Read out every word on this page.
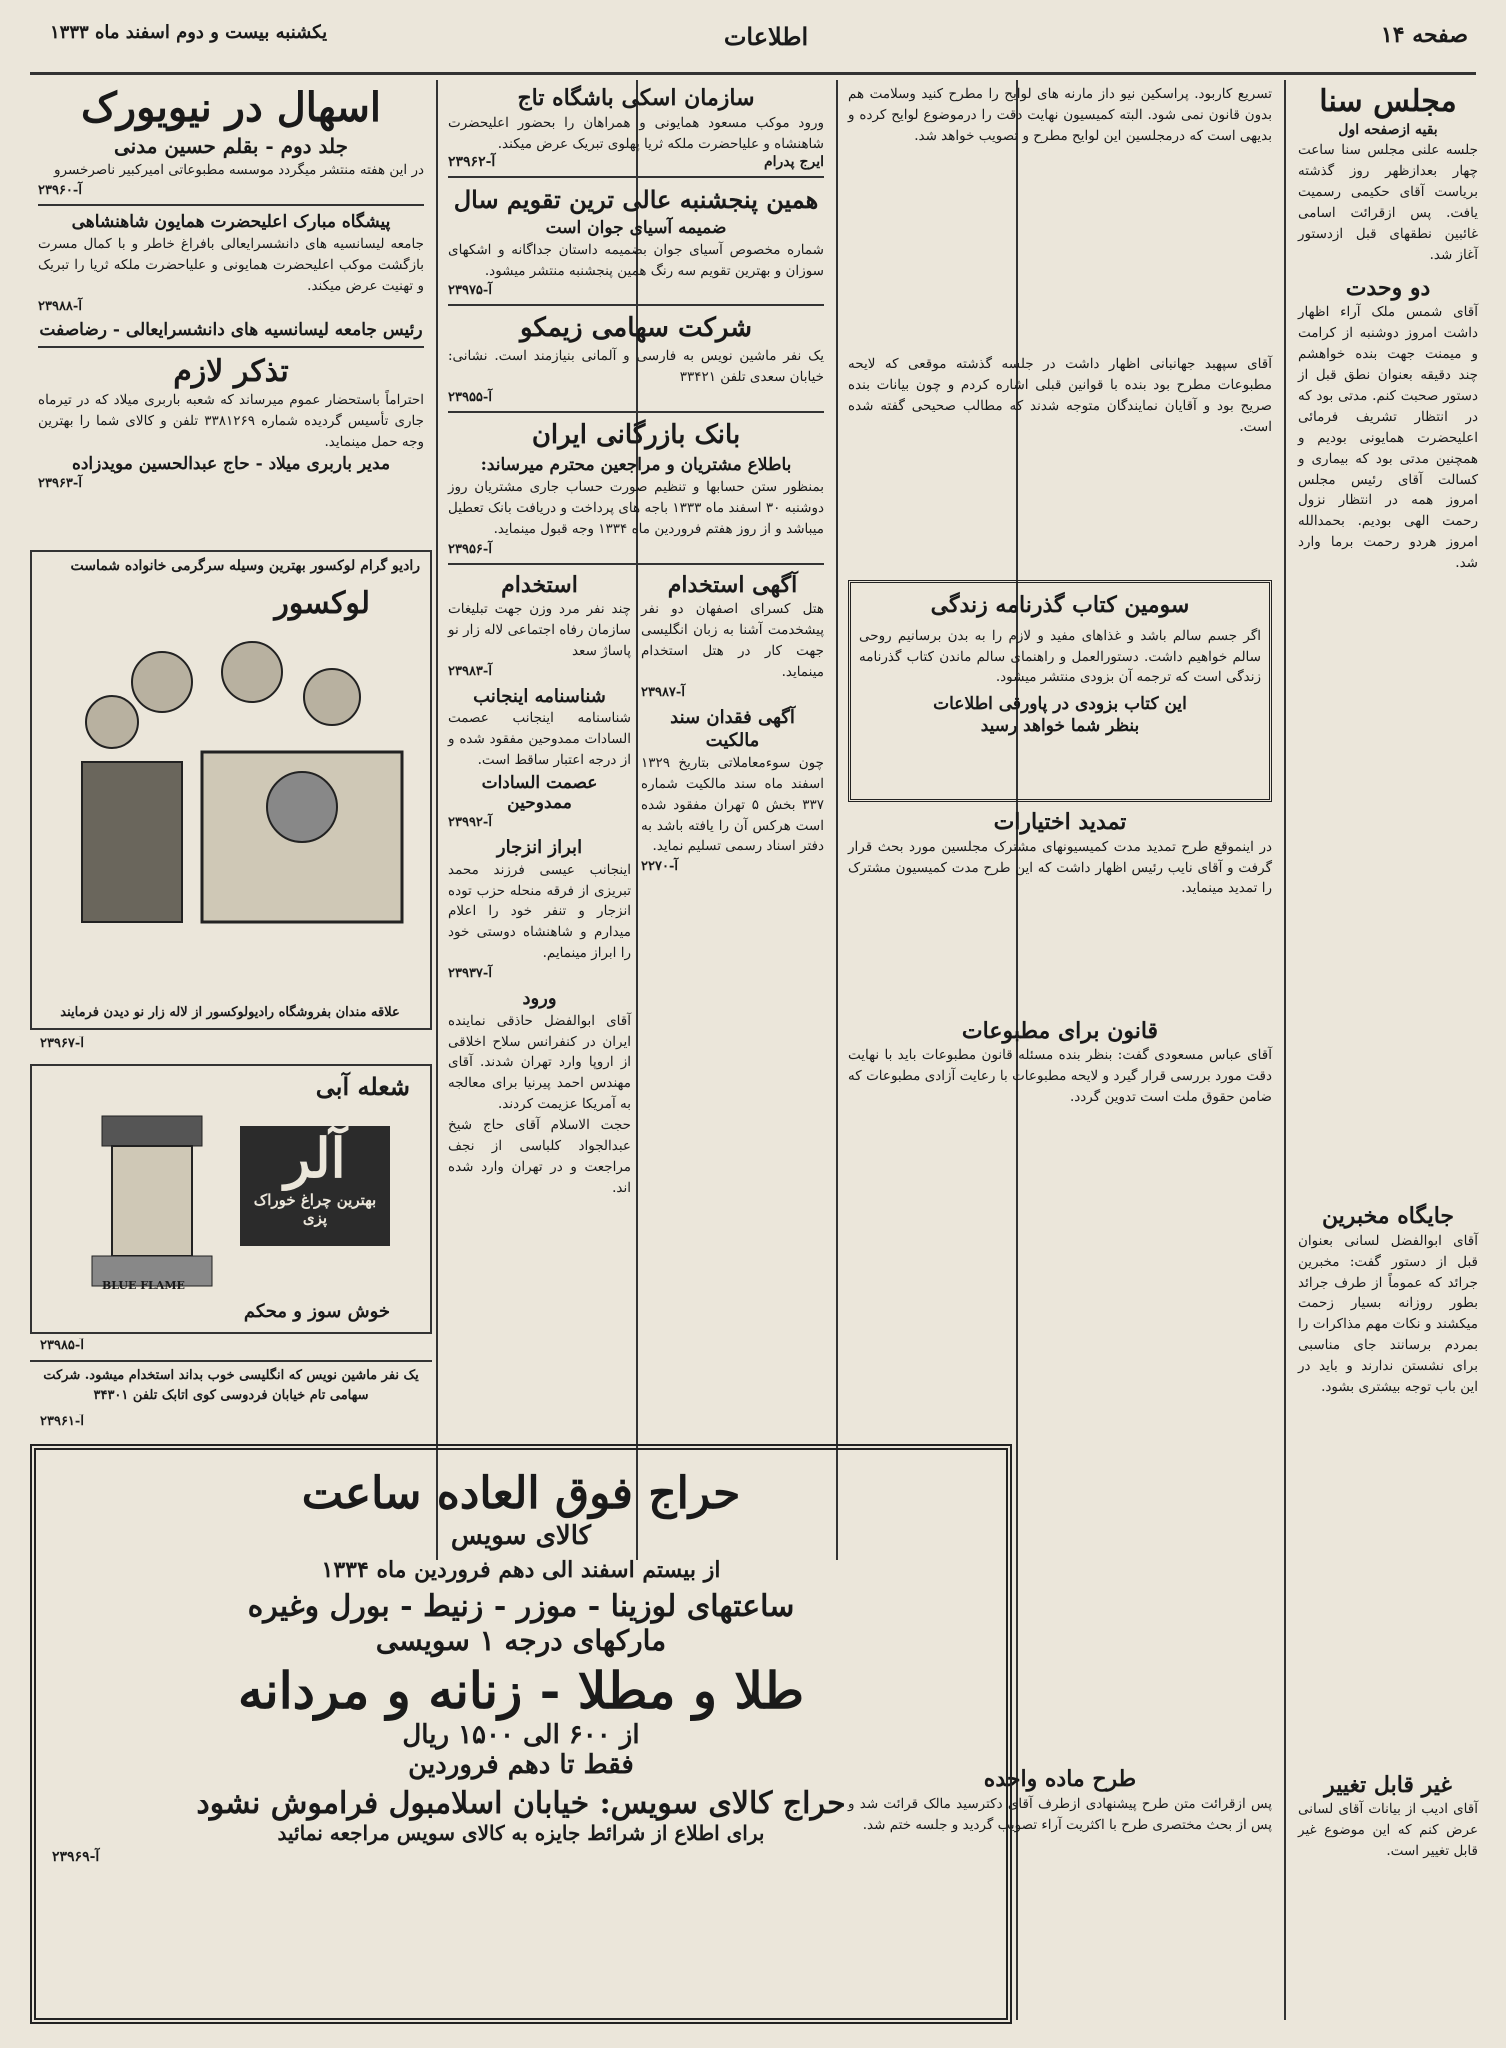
صفحه ۱۴
اطلاعات
یکشنبه بیست و دوم اسفند ماه ۱۳۳۳
مجلس سنا
بقیه ازصفحه اول
جلسه علنی مجلس سنا ساعت چهار بعدازظهر روز گذشته بریاست آقای حکیمی رسمیت یافت. پس ازقرائت اسامی غائبین نطقهای قبل ازدستور آغاز شد.
دو وحدت
آقای شمس ملک آراء اظهار داشت امروز دوشنبه از کرامت و میمنت جهت بنده خواهشم چند دقیقه بعنوان نطق قبل از دستور صحبت کنم. مدتی بود که در انتظار تشریف فرمائی اعلیحضرت همایونی بودیم و همچنین مدتی بود که بیماری و کسالت آقای رئیس مجلس امروز همه در انتظار نزول رحمت الهی بودیم. بحمدالله امروز هردو رحمت برما وارد شد.
جایگاه مخبرین
آقای ابوالفضل لسانی بعنوان قبل از دستور گفت: مخبرین جرائد که عموماً از طرف جرائد بطور روزانه بسیار زحمت میکشند و نکات مهم مذاکرات را بمردم برسانند جای مناسبی برای نشستن ندارند و باید در این باب توجه بیشتری بشود.
غیر قابل تغییر
آقای ادیب از بیانات آقای لسانی عرض کنم که این موضوع غیر قابل تغییر است.
تسریع کاربود. پراسکین نیو داز مارنه های لوایح را مطرح کنید وسلامت هم بدون قانون نمی شود. البته کمیسیون نهایت دقت را درموضوع لوایح کرده و بدیهی است که درمجلسین این لوایح مطرح و تصویب خواهد شد.
آقای سپهبد جهانبانی اظهار داشت در جلسه گذشته موقعی که لایحه مطبوعات مطرح بود بنده با قوانین قبلی اشاره کردم و چون بیانات بنده صریح بود و آقایان نمایندگان متوجه شدند که مطالب صحیحی گفته شده است.
سومین کتاب گذرنامه زندگی
اگر جسم سالم باشد و غذاهای مفید و لازم را به بدن برسانیم روحی سالم خواهیم داشت. دستورالعمل و راهنمای سالم ماندن کتاب گذرنامه زندگی است که ترجمه آن بزودی منتشر میشود.
این کتاب بزودی در پاورقی اطلاعات
بنظر شما خواهد رسید
تمدید اختیارات
در اینموقع طرح تمدید مدت کمیسیونهای مشترک مجلسین مورد بحث قرار گرفت و آقای نایب رئیس اظهار داشت که این طرح مدت کمیسیون مشترک را تمدید مینماید.
قانون برای مطبوعات
آقای عباس مسعودی گفت: بنظر بنده مسئله قانون مطبوعات باید با نهایت دقت مورد بررسی قرار گیرد و لایحه مطبوعات با رعایت آزادی مطبوعات که ضامن حقوق ملت است تدوین گردد.
طرح ماده واحده
پس ازقرائت متن طرح پیشنهادی ازطرف آقای دکترسید مالک قرائت شد و پس از بحث مختصری طرح با اکثریت آراء تصویب گردید و جلسه ختم شد.
سازمان اسکی باشگاه تاج
ورود موکب مسعود همایونی و همراهان را بحضور اعلیحضرت شاهنشاه و علیاحضرت ملکه ثریا پهلوی تبریک عرض میکند.
ایرج پدرام
آ-۲۳۹۶۲
همین پنجشنبه عالی ترین تقویم سال
ضمیمه آسیای جوان است
شماره مخصوص آسیای جوان بضمیمه داستان جداگانه و اشکهای سوزان و بهترین تقویم سه رنگ همین پنجشنبه منتشر میشود.
آ-۲۳۹۷۵
شرکت سهامی زیمکو
یک نفر ماشین نویس به فارسی و آلمانی بنیازمند است. نشانی: خیابان سعدی تلفن ۳۳۴۲۱
آ-۲۳۹۵۵
بانک بازرگانی ایران
باطلاع مشتریان و مراجعین محترم میرساند:
بمنظور ستن حسابها و تنظیم صورت حساب جاری مشتریان روز دوشنبه ۳۰ اسفند ماه ۱۳۳۳ باجه های پرداخت و دریافت بانک تعطیل میباشد و از روز هفتم فروردین ماه ۱۳۳۴ وجه قبول مینماید.
آ-۲۳۹۵۶
آگهی استخدام
هتل کسرای اصفهان دو نفر پیشخدمت آشنا به زبان انگلیسی جهت کار در هتل استخدام مینماید.
آ-۲۳۹۸۷
آگهی فقدان سند مالکیت
چون سوءمعاملاتی بتاریخ ۱۳۲۹ اسفند ماه سند مالکیت شماره ۳۳۷ بخش ۵ تهران مفقود شده است هرکس آن را یافته باشد به دفتر اسناد رسمی تسلیم نماید.
آ-۲۲۷۰
استخدام
چند نفر مرد وزن جهت تبلیغات سازمان رفاه اجتماعی لاله زار نو پاساژ سعد
آ-۲۳۹۸۳
شناسنامه اینجانب
شناسنامه اینجانب عصمت السادات ممدوحین مفقود شده و از درجه اعتبار ساقط است.
عصمت السادات ممدوحین
آ-۲۳۹۹۲
ابراز انزجار
اینجانب عیسی فرزند محمد تبریزی از فرقه منحله حزب توده انزجار و تنفر خود را اعلام میدارم و شاهنشاه دوستی خود را ابراز مینمایم.
آ-۲۳۹۳۷
ورود
آقای ابوالفضل حاذقی نماینده ایران در کنفرانس سلاح اخلاقی از اروپا وارد تهران شدند. آقای مهندس احمد پیرنیا برای معالجه به آمریکا عزیمت کردند.
حجت الاسلام آقای حاج شیخ عبدالجواد کلباسی از نجف مراجعت و در تهران وارد شده اند.
اسهال در نیویورک
جلد دوم - بقلم حسین مدنی
در این هفته منتشر میگردد موسسه مطبوعاتی امیرکبیر ناصرخسرو
آ-۲۳۹۶۰
پیشگاه مبارک اعلیحضرت همایون شاهنشاهی
جامعه لیسانسیه های دانشسرایعالی بافراغ خاطر و با کمال مسرت بازگشت موکب اعلیحضرت همایونی و علیاحضرت ملکه ثریا را تبریک و تهنیت عرض میکند.
آ-۲۳۹۸۸
رئیس جامعه لیسانسیه های دانشسرایعالی - رضاصفت
تذکر لازم
احتراماً باستحضار عموم میرساند که شعبه باربری میلاد که در تیرماه جاری تأسیس گردیده شماره ۳۳۸۱۲۶۹ تلفن و کالای شما را بهترین وجه حمل مینماید.
مدیر باربری میلاد - حاج عبدالحسین مویدزاده
آ-۲۳۹۶۳
رادیو گرام لوکسور بهترین وسیله سرگرمی خانواده شماست
لوکسور
علاقه مندان بفروشگاه رادیولوکسور از لاله زار نو دیدن فرمایند
آ-۲۳۹۶۷
شعله آبی
آلر
بهترین چراغ خوراک پزی
BLUE FLAME
خوش سوز و محکم
آ-۲۳۹۸۵
یک نفر ماشین نویس که انگلیسی خوب بداند استخدام میشود. شرکت سهامی تام خیابان فردوسی کوی اتابک تلفن ۳۴۳۰۱
آ-۲۳۹۶۱
حراج فوق العاده ساعت
کالای سویس
از بیستم اسفند الی دهم فروردین ماه ۱۳۳۴
ساعتهای لوزینا - موزر - زنیط - بورل وغیره
مارکهای درجه ۱ سویسی
طلا و مطلا - زنانه و مردانه
از ۶۰۰ الی ۱۵۰۰ ریال
فقط تا دهم فروردین
حراج کالای سویس: خیابان اسلامبول فراموش نشود
برای اطلاع از شرائط جایزه به کالای سویس مراجعه نمائید
آ-۲۳۹۶۹
